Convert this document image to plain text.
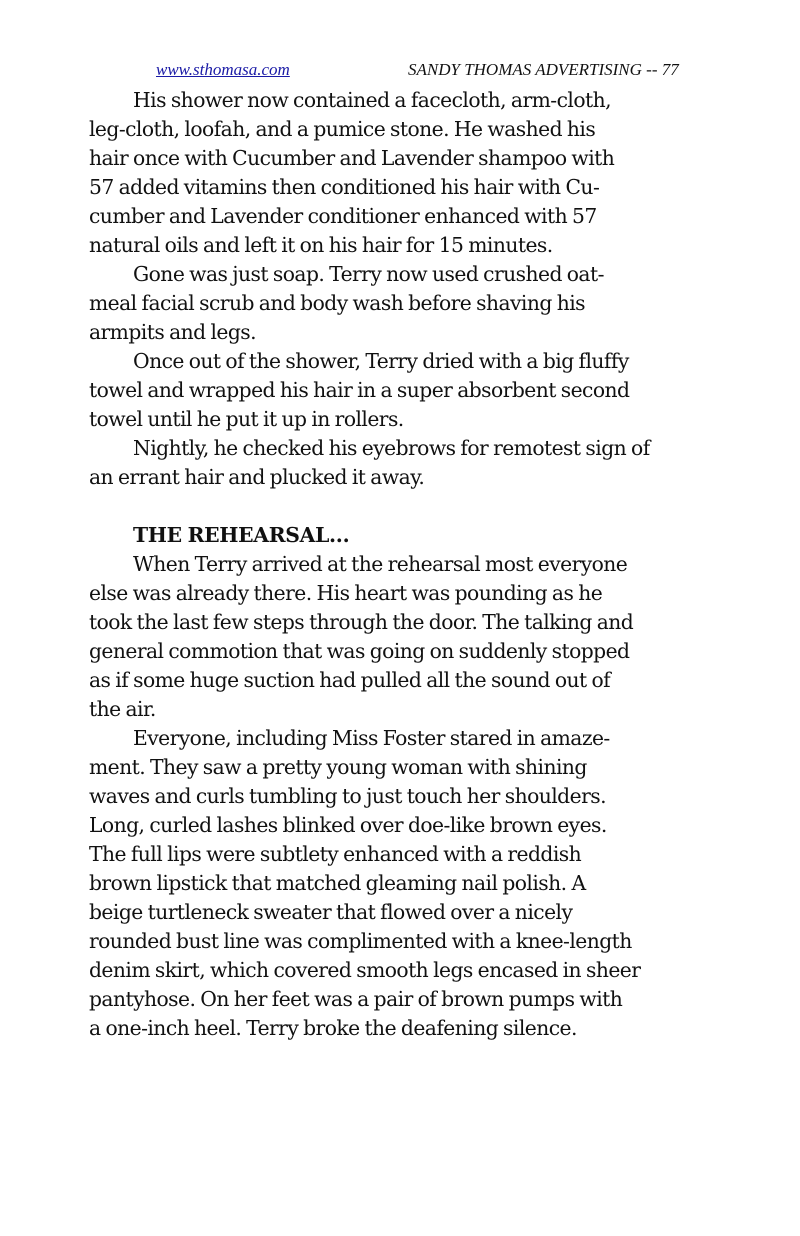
www.sthomasa.com	SANDY THOMAS ADVERTISING -- 77
His shower now contained a facecloth, arm-cloth,
leg-cloth, loofah, and a pumice stone. He washed his
hair once with Cucumber and Lavender shampoo with
57 added vitamins then conditioned his hair with Cu-
cumber and Lavender conditioner enhanced with 57
natural oils and left it on his hair for 15 minutes.
Gone was just soap. Terry now used crushed oat-
meal facial scrub and body wash before shaving his
armpits and legs.
Once out of the shower, Terry dried with a big fluffy
towel and wrapped his hair in a super absorbent second
towel until he put it up in rollers.
Nightly, he checked his eyebrows for remotest sign of
an errant hair and plucked it away.
THE REHEARSAL...
When Terry arrived at the rehearsal most everyone
else was already there. His heart was pounding as he
took the last few steps through the door. The talking and
general commotion that was going on suddenly stopped
as if some huge suction had pulled all the sound out of
the air.
Everyone, including Miss Foster stared in amaze-
ment. They saw a pretty young woman with shining
waves and curls tumbling to just touch her shoulders.
Long, curled lashes blinked over doe-like brown eyes.
The full lips were subtlety enhanced with a reddish
brown lipstick that matched gleaming nail polish. A
beige turtleneck sweater that flowed over a nicely
rounded bust line was complimented with a knee-length
denim skirt, which covered smooth legs encased in sheer
pantyhose. On her feet was a pair of brown pumps with
a one-inch heel. Terry broke the deafening silence.
